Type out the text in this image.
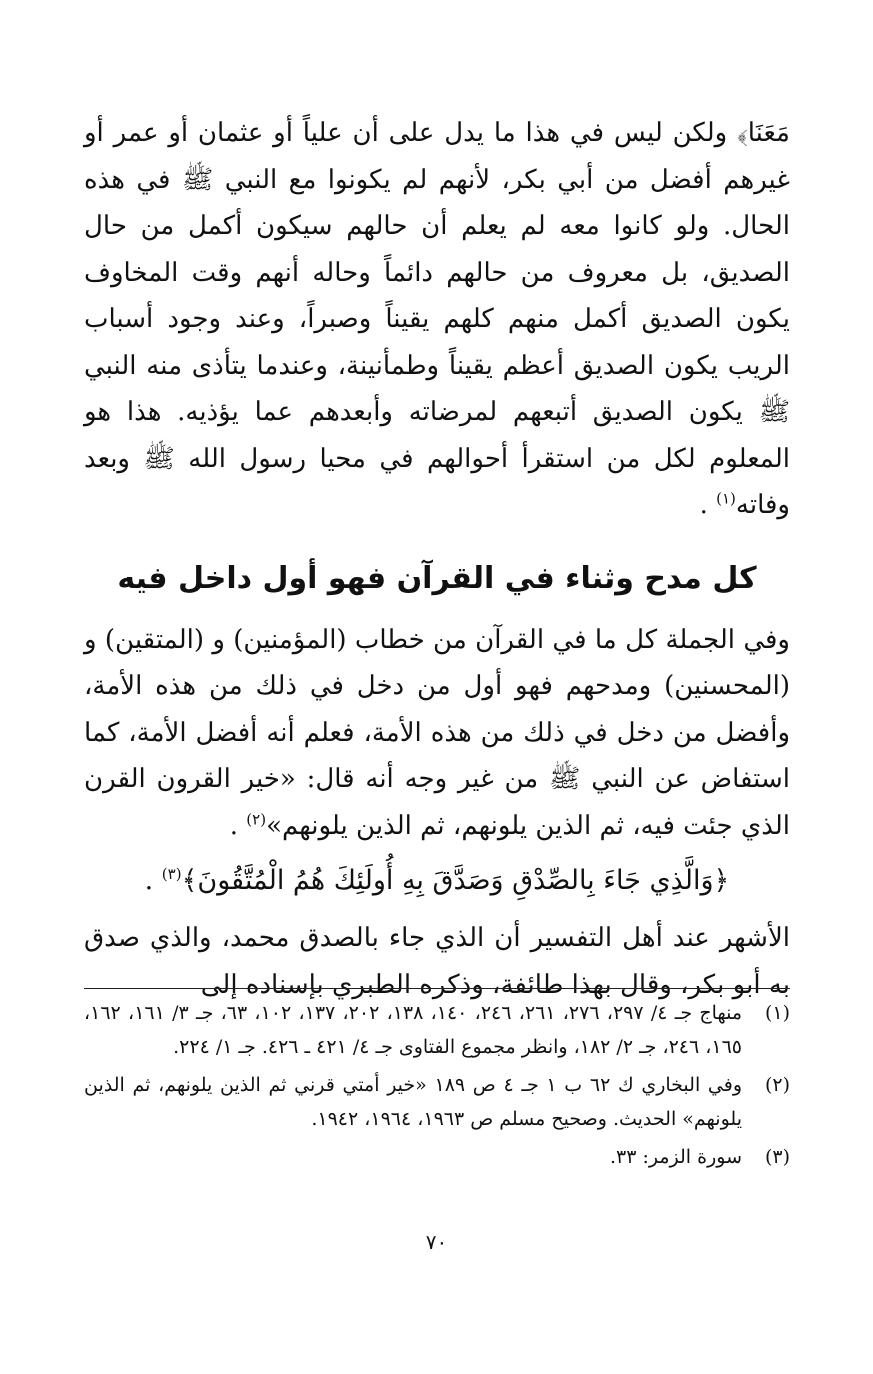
مَعَنَا﴾ ولكن ليس في هذا ما يدل على أن علياً أو عثمان أو عمر أو غيرهم أفضل من أبي بكر، لأنهم لم يكونوا مع النبي ﷺ في هذه الحال. ولو كانوا معه لم يعلم أن حالهم سيكون أكمل من حال الصديق، بل معروف من حالهم دائماً وحاله أنهم وقت المخاوف يكون الصديق أكمل منهم كلهم يقيناً وصبراً، وعند وجود أسباب الريب يكون الصديق أعظم يقيناً وطمأنينة، وعندما يتأذى منه النبي ﷺ يكون الصديق أتبعهم لمرضاته وأبعدهم عما يؤذيه. هذا هو المعلوم لكل من استقرأ أحوالهم في محيا رسول الله ﷺ وبعد وفاته$^{(١)}$ .

كل مدح وثناء في القرآن فهو أول داخل فيه

وفي الجملة كل ما في القرآن من خطاب (المؤمنين) و (المتقين) و (المحسنين) ومدحهم فهو أول من دخل في ذلك من هذه الأمة، وأفضل من دخل في ذلك من هذه الأمة، فعلم أنه أفضل الأمة، كما استفاض عن النبي ﷺ من غير وجه أنه قال: «خير القرون القرن الذي جئت فيه، ثم الذين يلونهم، ثم الذين يلونهم»$^{(٢)}$ .

﴿وَالَّذِي جَاءَ بِالصِّدْقِ وَصَدَّقَ بِهِ أُولَئِكَ هُمُ الْمُتَّقُونَ﴾$^{(٣)}$ .

الأشهر عند أهل التفسير أن الذي جاء بالصدق محمد، والذي صدق به أبو بكر، وقال بهذا طائفة، وذكره الطبري بإسناده إلى

(١)
منهاج جـ ٤/ ٢٩٧، ٢٧٦، ٢٦١، ٢٤٦، ١٤٠، ١٣٨، ٢٠٢، ١٣٧، ١٠٢، ٦٣، جـ ٣/ ١٦١، ١٦٢، ١٦٥، ٢٤٦، جـ ٢/ ١٨٢، وانظر مجموع الفتاوى جـ ٤/ ٤٢١ ـ ٤٢٦. جـ ١/ ٢٢٤.
(٢)
وفي البخاري ك ٦٢ ب ١ جـ ٤ ص ١٨٩ «خير أمتي قرني ثم الذين يلونهم، ثم الذين يلونهم» الحديث. وصحيح مسلم ص ١٩٦٣، ١٩٦٤، ١٩٤٢.
(٣)
سورة الزمر: ٣٣.
٧٠
